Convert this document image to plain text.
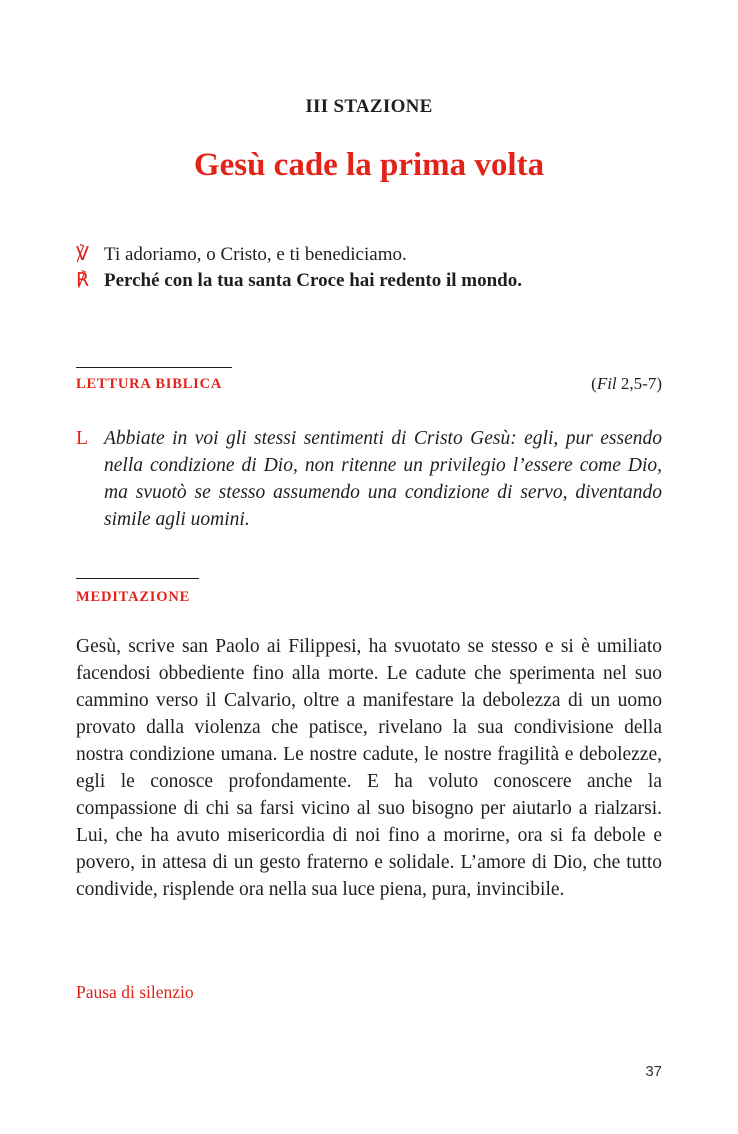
III STAZIONE
Gesù cade la prima volta
℣ Ti adoriamo, o Cristo, e ti benediciamo.
℟ Perché con la tua santa Croce hai redento il mondo.
LETTURA BIBLICA	(Fil 2,5-7)
L Abbiate in voi gli stessi sentimenti di Cristo Gesù: egli, pur essendo nella condizione di Dio, non ritenne un privilegio l’essere come Dio, ma svuotò se stesso assumendo una condizione di servo, diventando simile agli uomini.
MEDITAZIONE
Gesù, scrive san Paolo ai Filippesi, ha svuotato se stesso e si è umiliato facendosi obbediente fino alla morte. Le cadute che sperimenta nel suo cammino verso il Calvario, oltre a manifestare la debolezza di un uomo provato dalla violenza che patisce, rivelano la sua condivisione della nostra condizione umana. Le nostre cadute, le nostre fragilità e debolezze, egli le conosce profondamente. E ha voluto conoscere anche la compassione di chi sa farsi vicino al suo bisogno per aiutarlo a rialzarsi. Lui, che ha avuto misericordia di noi fino a morirne, ora si fa debole e povero, in attesa di un gesto fraterno e solidale. L’amore di Dio, che tutto condivide, risplende ora nella sua luce piena, pura, invincibile.
Pausa di silenzio
37
